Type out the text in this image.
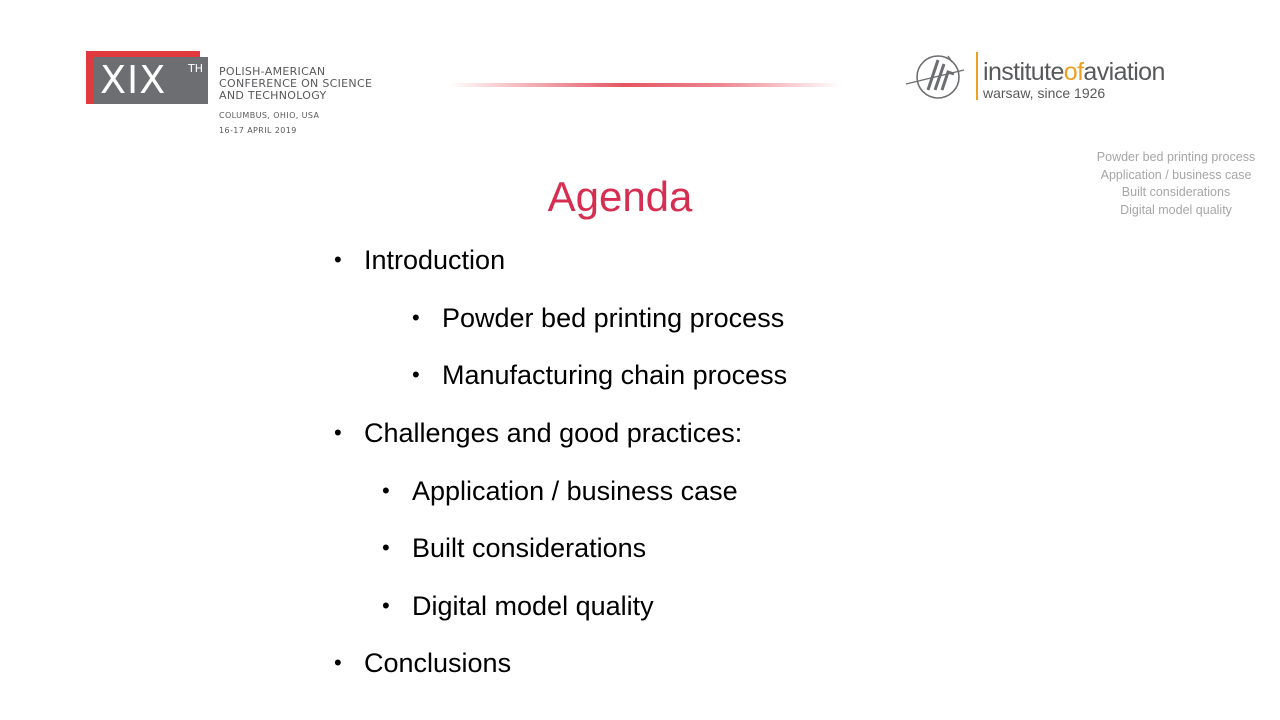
XIX TH POLISH-AMERICAN
CONFERENCE ON SCIENCE
AND TECHNOLOGY
COLUMBUS, OHIO, USA
16-17 APRIL 2019
instituteofaviation
warsaw, since 1926
Powder bed printing process
Application / business case
Built considerations
Digital model quality
Agenda
• Introduction
• Powder bed printing process
• Manufacturing chain process
• Challenges and good practices:
• Application / business case
• Built considerations
• Digital model quality
• Conclusions
